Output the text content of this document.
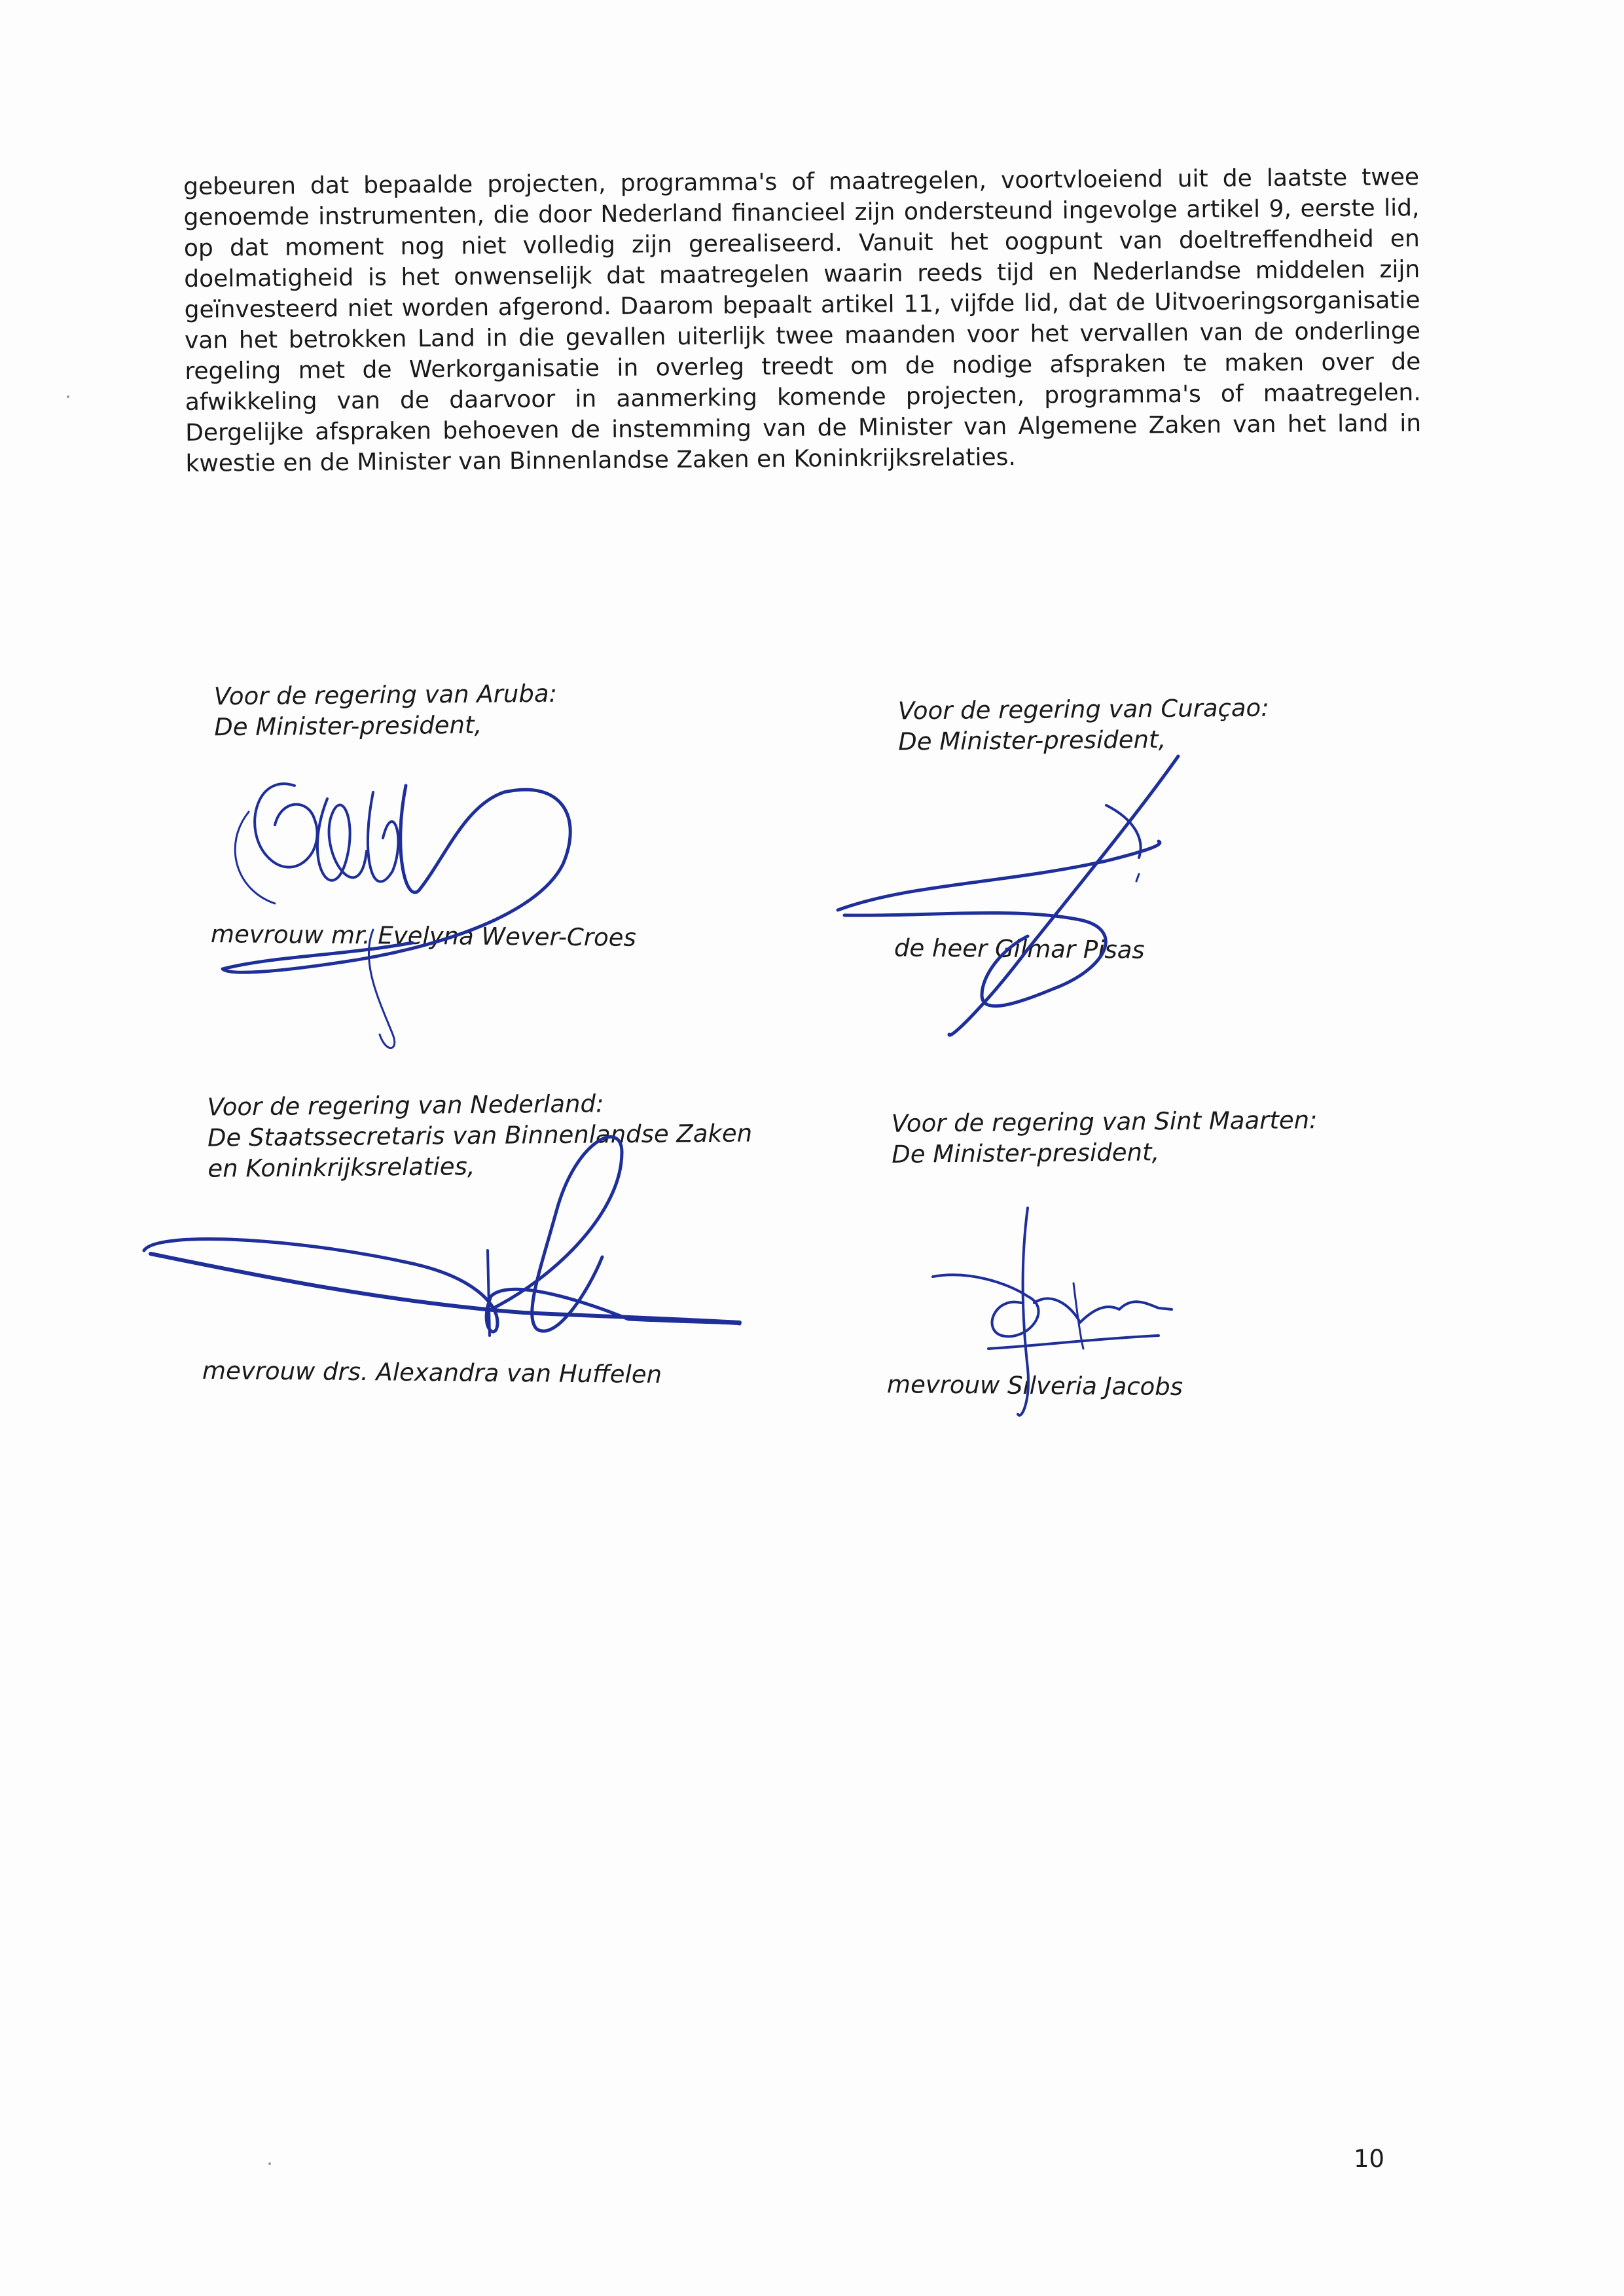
gebeuren dat bepaalde projecten, programma's of maatregelen, voortvloeiend uit de laatste twee genoemde instrumenten, die door Nederland financieel zijn ondersteund ingevolge artikel 9, eerste lid, op dat moment nog niet volledig zijn gerealiseerd. Vanuit het oogpunt van doeltreffendheid en doelmatigheid is het onwenselijk dat maatregelen waarin reeds tijd en Nederlandse middelen zijn geïnvesteerd niet worden afgerond. Daarom bepaalt artikel 11, vijfde lid, dat de Uitvoeringsorganisatie van het betrokken Land in die gevallen uiterlijk twee maanden voor het vervallen van de onderlinge regeling met de Werkorganisatie in overleg treedt om de nodige afspraken te maken over de afwikkeling van de daarvoor in aanmerking komende projecten, programma's of maatregelen. Dergelijke afspraken behoeven de instemming van de Minister van Algemene Zaken van het land in kwestie en de Minister van Binnenlandse Zaken en Koninkrijksrelaties.
Voor de regering van Aruba:
De Minister-president,
mevrouw mr. Evelyna Wever-Croes
Voor de regering van Curaçao:
De Minister-president,
de heer Gilmar Pisas
Voor de regering van Nederland:
De Staatssecretaris van Binnenlandse Zaken
en Koninkrijksrelaties,
mevrouw drs. Alexandra van Huffelen
Voor de regering van Sint Maarten:
De Minister-president,
mevrouw Silveria Jacobs
10
